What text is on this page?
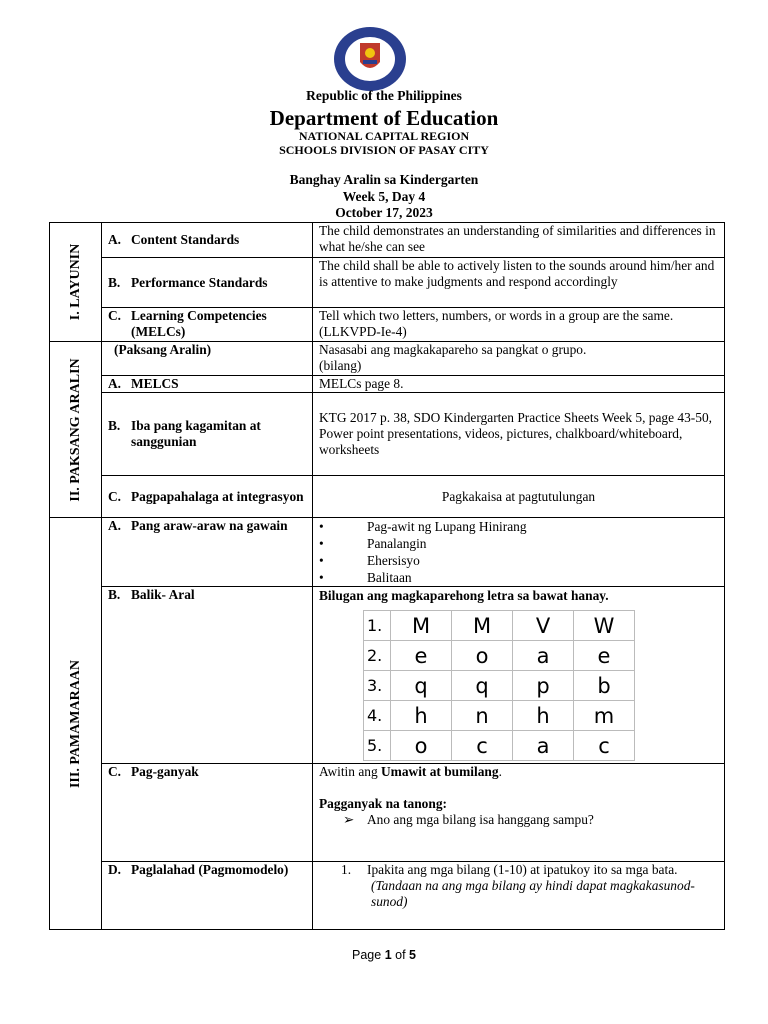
Republic of the Philippines
Department of Education
NATIONAL CAPITAL REGION
SCHOOLS DIVISION OF PASAY CITY
Banghay Aralin sa Kindergarten
Week 5, Day 4
October 17, 2023
I. LAYUNIN

A. Content Standards
	The child demonstrates an understanding of similarities and differences in what he/she can see

B. Performance Standards
	The child shall be able to actively listen to the sounds around him/her and is attentive to make judgments and respond accordingly

C. Learning Competencies (MELCs)
	Tell which two letters, numbers, or words in a group are the same. (LLKVPD-Ie-4)

II. PAKSANG ARALIN

(Paksang Aralin)	Nasasabi ang magkakapareho sa pangkat o grupo.
(bilang)

A. MELCS	MELCs page 8.

B. Iba pang kagamitan at sanggunian
	KTG 2017 p. 38, SDO Kindergarten Practice Sheets Week 5, page 43-50, Power point presentations, videos, pictures, chalkboard/whiteboard, worksheets

C. Pagpapahalaga at integrasyon	Pagkakaisa at pagtutulungan

III. PAMAMARAAN

A. Pang araw-araw na gawain	•	Pag-awit ng Lupang Hinirang
•	Panalangin
•	Ehersisyo
•	Balitaan

B. Balik- Aral	Bilugan ang magkaparehong letra sa bawat hanay.
1.	M	M	V	W
2.	e	o	a	e
3.	q	q	p	b
4.	h	n	h	m
5.	o	c	a	c

C. Pag-ganyak	Awitin ang Umawit at bumilang.
Pagganyak na tanong:
➢ Ano ang mga bilang isa hanggang sampu?

D. Paglalahad (Pagmomodelo)	1.	Ipakita ang mga bilang (1-10) at ipatukoy ito sa mga bata.
(Tandaan na ang mga bilang ay hindi dapat magkakasunod-sunod)
Page 1 of 5
